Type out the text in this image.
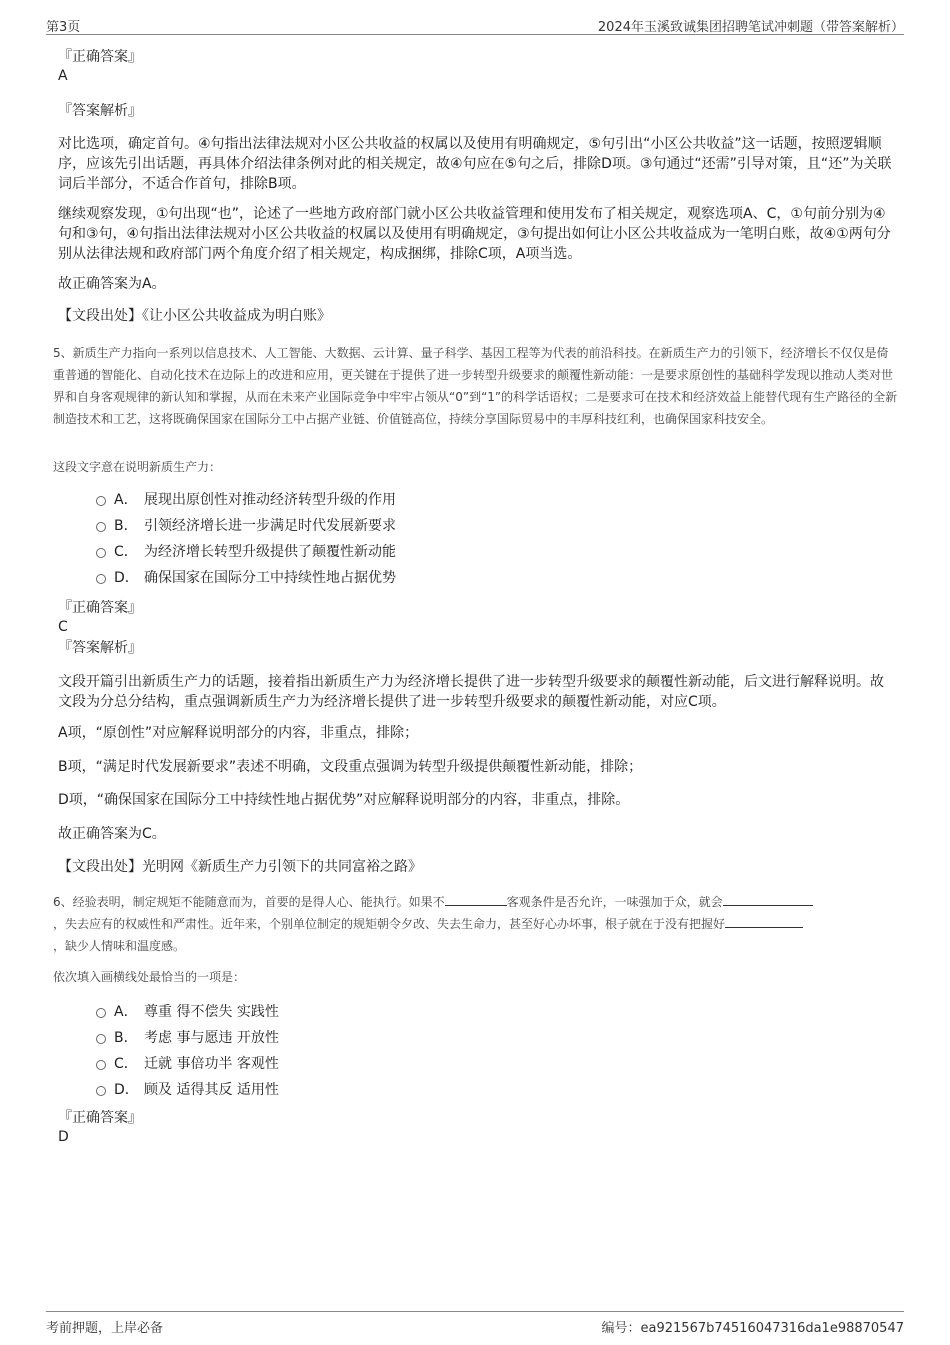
第3页	2024年玉溪致诚集团招聘笔试冲刺题（带答案解析）
『正确答案』
A
『答案解析』
对比选项，确定首句。④句指出法律法规对小区公共收益的权属以及使用有明确规定，⑤句引出“小区公共收益”这一话题，按照逻辑顺序，应该先引出话题，再具体介绍法律条例对此的相关规定，故④句应在⑤句之后，排除D项。③句通过“还需”引导对策，且“还”为关联词后半部分，不适合作首句，排除B项。
继续观察发现，①句出现“也”，论述了一些地方政府部门就小区公共收益管理和使用发布了相关规定，观察选项A、C，①句前分别为④句和③句，④句指出法律法规对小区公共收益的权属以及使用有明确规定，③句提出如何让小区公共收益成为一笔明白账，故④①两句分别从法律法规和政府部门两个角度介绍了相关规定，构成捆绑，排除C项，A项当选。
故正确答案为A。
【文段出处】《让小区公共收益成为明白账》
5、新质生产力指向一系列以信息技术、人工智能、大数据、云计算、量子科学、基因工程等为代表的前沿科技。在新质生产力的引领下，经济增长不仅仅是倚重普通的智能化、自动化技术在边际上的改进和应用，更关键在于提供了进一步转型升级要求的颠覆性新动能：一是要求原创性的基础科学发现以推动人类对世界和自身客观规律的新认知和掌握，从而在未来产业国际竞争中牢牢占领从“0”到“1”的科学话语权；二是要求可在技术和经济效益上能替代现有生产路径的全新制造技术和工艺，这将既确保国家在国际分工中占据产业链、价值链高位，持续分享国际贸易中的丰厚科技红利，也确保国家科技安全。
这段文字意在说明新质生产力：
A． 展现出原创性对推动经济转型升级的作用
B． 引领经济增长进一步满足时代发展新要求
C． 为经济增长转型升级提供了颠覆性新动能
D． 确保国家在国际分工中持续性地占据优势
『正确答案』
C
『答案解析』
文段开篇引出新质生产力的话题，接着指出新质生产力为经济增长提供了进一步转型升级要求的颠覆性新动能，后文进行解释说明。故文段为分总分结构，重点强调新质生产力为经济增长提供了进一步转型升级要求的颠覆性新动能，对应C项。
A项，“原创性”对应解释说明部分的内容，非重点，排除；
B项，“满足时代发展新要求”表述不明确，文段重点强调为转型升级提供颠覆性新动能，排除；
D项，“确保国家在国际分工中持续性地占据优势”对应解释说明部分的内容，非重点，排除。
故正确答案为C。
【文段出处】光明网《新质生产力引领下的共同富裕之路》
6、经验表明，制定规矩不能随意而为，首要的是得人心、能执行。如果不	客观条件是否允许，一味强加于众，就会
，失去应有的权威性和严肃性。近年来，个别单位制定的规矩朝令夕改、失去生命力，甚至好心办坏事，根子就在于没有把握好
，缺少人情味和温度感。
依次填入画横线处最恰当的一项是：
A． 尊重 得不偿失 实践性
B． 考虑 事与愿违 开放性
C． 迁就 事倍功半 客观性
D． 顾及 适得其反 适用性
『正确答案』
D
考前押题，上岸必备	编号：ea921567b74516047316da1e98870547
